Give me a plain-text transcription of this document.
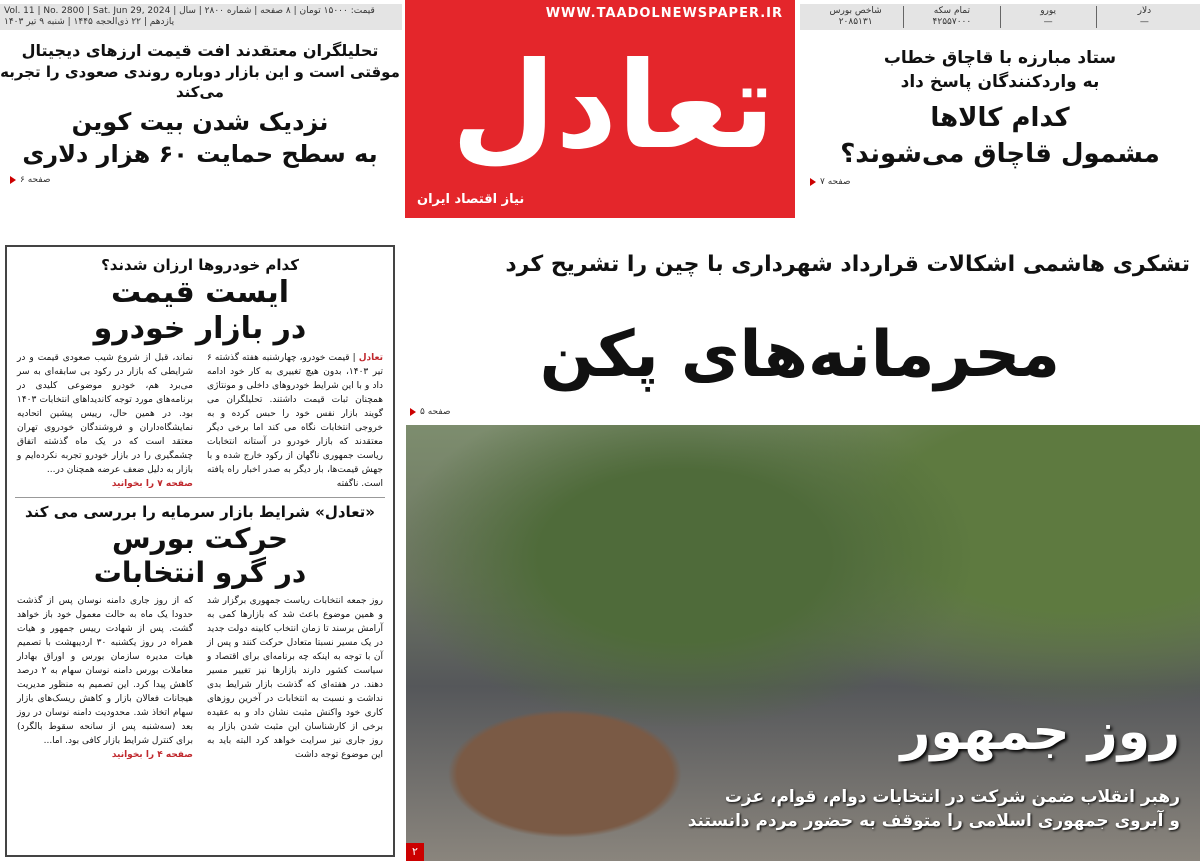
Vol. 11 | No. 2800 | Sat. Jun 29, 2024 | قیمت: ۱۵۰۰۰ تومان | ۸ صفحه | شماره ۲۸۰۰ | سال یازدهم | ۲۲ ذی‌الحجه ۱۴۴۵ | شنبه ۹ تیر ۱۴۰۳
دلار
—
یورو
—
تمام سکه
۴۲۵۵۷۰۰۰
شاخص بورس
۲۰۸۵۱۳۱
WWW.TAADOLNEWSPAPER.IR
تعادل
نیاز اقتصاد ایران
تحلیلگران معتقدند افت قیمت ارزهای دیجیتال
موقتی است و این بازار دوباره روندی صعودی را تجربه می‌کند
نزدیک شدن بیت کوین
به سطح حمایت ۶۰ هزار دلاری
صفحه ۶
ستاد مبارزه با قاچاق خطاب
به واردکنندگان پاسخ داد
کدام کالاها
مشمول قاچاق می‌شوند؟
صفحه ۷
کدام خودروها ارزان شدند؟
ایست قیمت
در بازار خودرو
تعادل | قیمت خودرو، چهارشنبه هفته گذشته ۶ تیر ۱۴۰۳، بدون هیچ تغییری به کار خود ادامه داد و با این شرایط خودروهای داخلی و مونتاژی همچنان ثبات قیمت داشتند. تحلیلگران می گویند بازار نفس خود را حبس کرده و به خروجی انتخابات نگاه می کند اما برخی دیگر معتقدند که بازار خودرو در آستانه انتخابات ریاست جمهوری ناگهان از رکود خارج شده و با جهش قیمت‌ها، بار دیگر به صدر اخبار راه یافته است. ناگفته
نماند، قبل از شروع شیب صعودی قیمت و در شرایطی که بازار در رکود بی سابقه‌ای به سر می‌برد هم، خودرو موضوعی کلیدی در برنامه‌های مورد توجه کاندیداهای انتخابات ۱۴۰۳ بود. در همین حال، رییس پیشین اتحادیه نمایشگاه‌داران و فروشندگان خودروی تهران معتقد است که در یک ماه گذشته اتفاق چشمگیری را در بازار خودرو تجربه نکرده‌ایم و بازار به دلیل ضعف عرضه همچنان در...
صفحه ۷ را بخوانید
«تعادل» شرایط بازار سرمایه را بررسی می کند
حرکت بورس
در گرو انتخابات
روز جمعه انتخابات ریاست جمهوری برگزار شد و همین موضوع باعث شد که بازارها کمی به آرامش برسند تا زمان انتخاب کابینه دولت جدید در یک مسیر نسبتا متعادل حرکت کنند و پس از آن با توجه به اینکه چه برنامه‌ای برای اقتصاد و سیاست کشور دارند بازارها نیز تغییر مسیر دهند. در هفته‌ای که گذشت بازار شرایط بدی نداشت و نسبت به انتخابات در آخرین روزهای کاری خود واکنش مثبت نشان داد و به عقیده برخی از کارشناسان این مثبت شدن بازار به روز جاری نیز سرایت خواهد کرد البته باید به این موضوع توجه داشت
که از روز جاری دامنه نوسان پس از گذشت حدودا یک ماه به حالت معمول خود باز خواهد گشت. پس از شهادت رییس جمهور و هیات همراه در روز یکشنبه ۳۰ اردیبهشت با تصمیم هیات مدیره سازمان بورس و اوراق بهادار معاملات بورس دامنه نوسان سهام به ۲ درصد کاهش پیدا کرد. این تصمیم به منظور مدیریت هیجانات فعالان بازار و کاهش ریسک‌های بازار سهام اتخاذ شد. محدودیت دامنه نوسان در روز بعد (سه‌شنبه پس از سانحه سقوط بالگرد) برای کنترل شرایط بازار کافی بود. اما...
صفحه ۴ را بخوانید
تشکری هاشمی اشکالات قرارداد شهرداری با چین را تشریح کرد
محرمانه‌های پکن
صفحه ۵
روز جمهور
رهبر انقلاب ضمن شرکت در انتخابات دوام، قوام، عزت
و آبروی جمهوری اسلامی را متوقف به حضور مردم دانستند
۲
